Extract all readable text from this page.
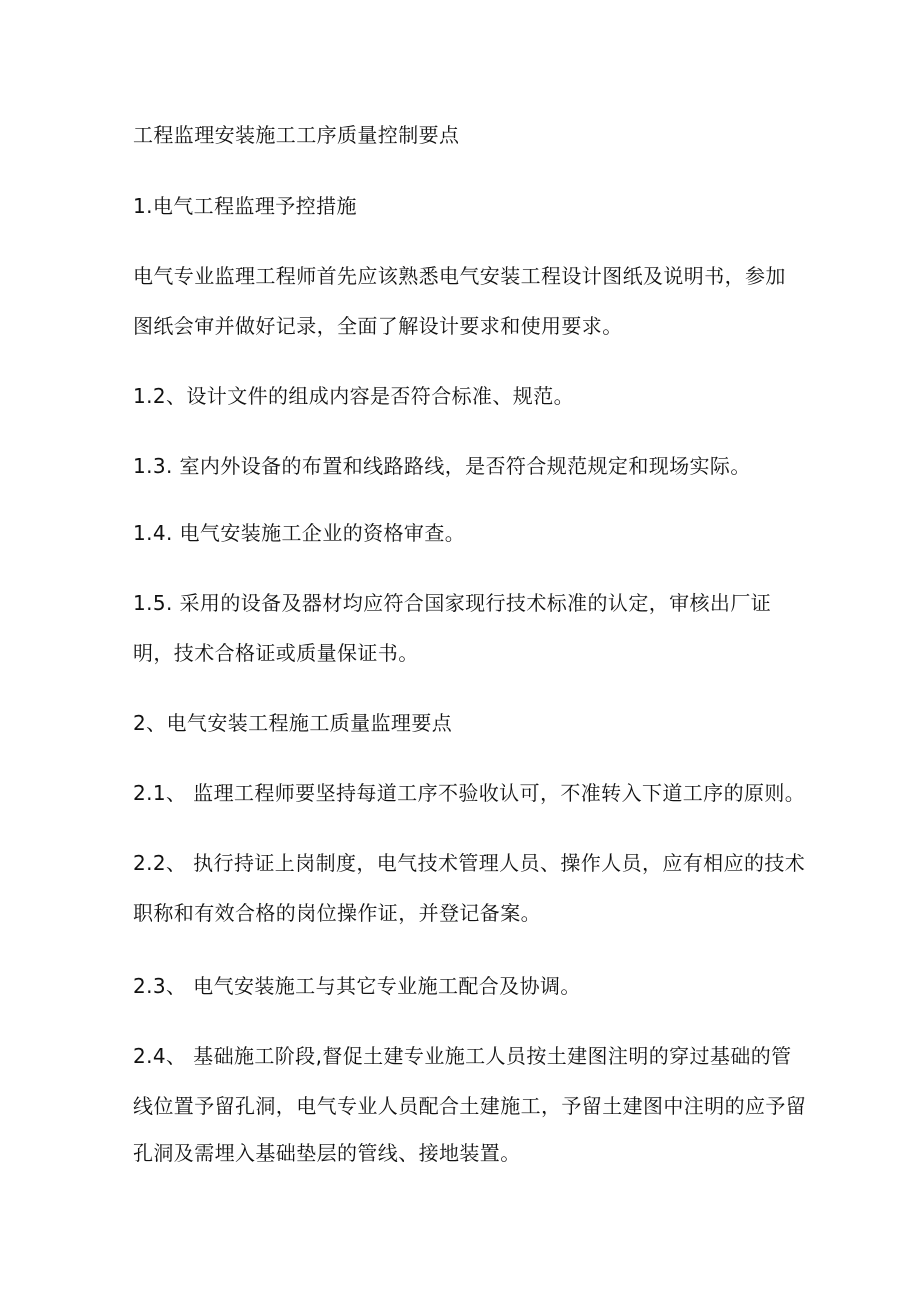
工程监理安装施工工序质量控制要点

1.电气工程监理予控措施

电气专业监理工程师首先应该熟悉电气安装工程设计图纸及说明书，参加

图纸会审并做好记录，全面了解设计要求和使用要求。

1.2、设计文件的组成内容是否符合标准、规范。

1.3. 室内外设备的布置和线路路线，是否符合规范规定和现场实际。

1.4. 电气安装施工企业的资格审查。

1.5. 采用的设备及器材均应符合国家现行技术标准的认定，审核出厂证

明，技术合格证或质量保证书。

2、电气安装工程施工质量监理要点

2.1、 监理工程师要坚持每道工序不验收认可，不准转入下道工序的原则。

2.2、 执行持证上岗制度，电气技术管理人员、操作人员，应有相应的技术

职称和有效合格的岗位操作证，并登记备案。

2.3、 电气安装施工与其它专业施工配合及协调。

2.4、 基础施工阶段,督促土建专业施工人员按土建图注明的穿过基础的管

线位置予留孔洞，电气专业人员配合土建施工，予留土建图中注明的应予留

孔洞及需埋入基础垫层的管线、接地装置。
